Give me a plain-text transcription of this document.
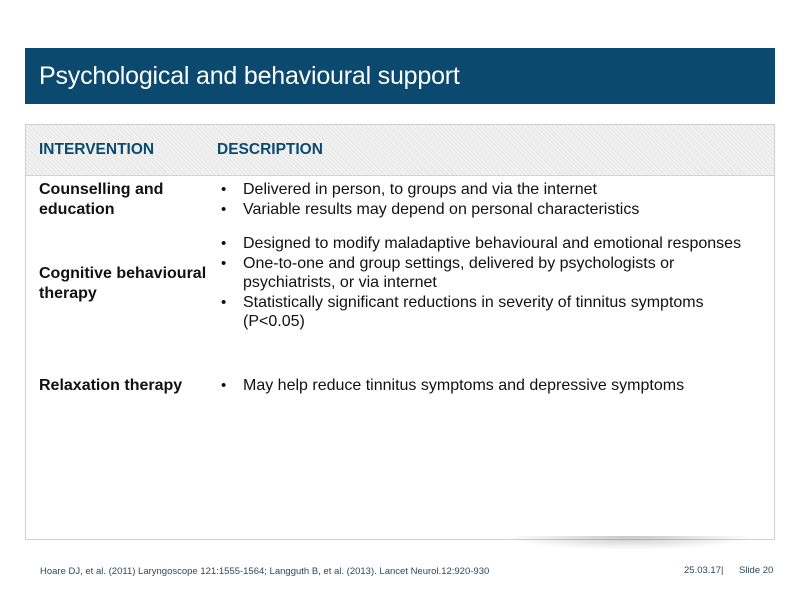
Psychological and behavioural support
INTERVENTION	DESCRIPTION
Counselling and education
• Delivered in person, to groups and via the internet
• Variable results may depend on personal characteristics
Cognitive behavioural therapy
• Designed to modify maladaptive behavioural and emotional responses
• One-to-one and group settings, delivered by psychologists or psychiatrists, or via internet
• Statistically significant reductions in severity of tinnitus symptoms (P<0.05)
Relaxation therapy
•	May help reduce tinnitus symptoms and depressive symptoms
Hoare DJ, et al. (2011) Laryngoscope 121:1555-1564; Langguth B, et al. (2013). Lancet Neurol.12:920-930	25.03.17| Slide 20
